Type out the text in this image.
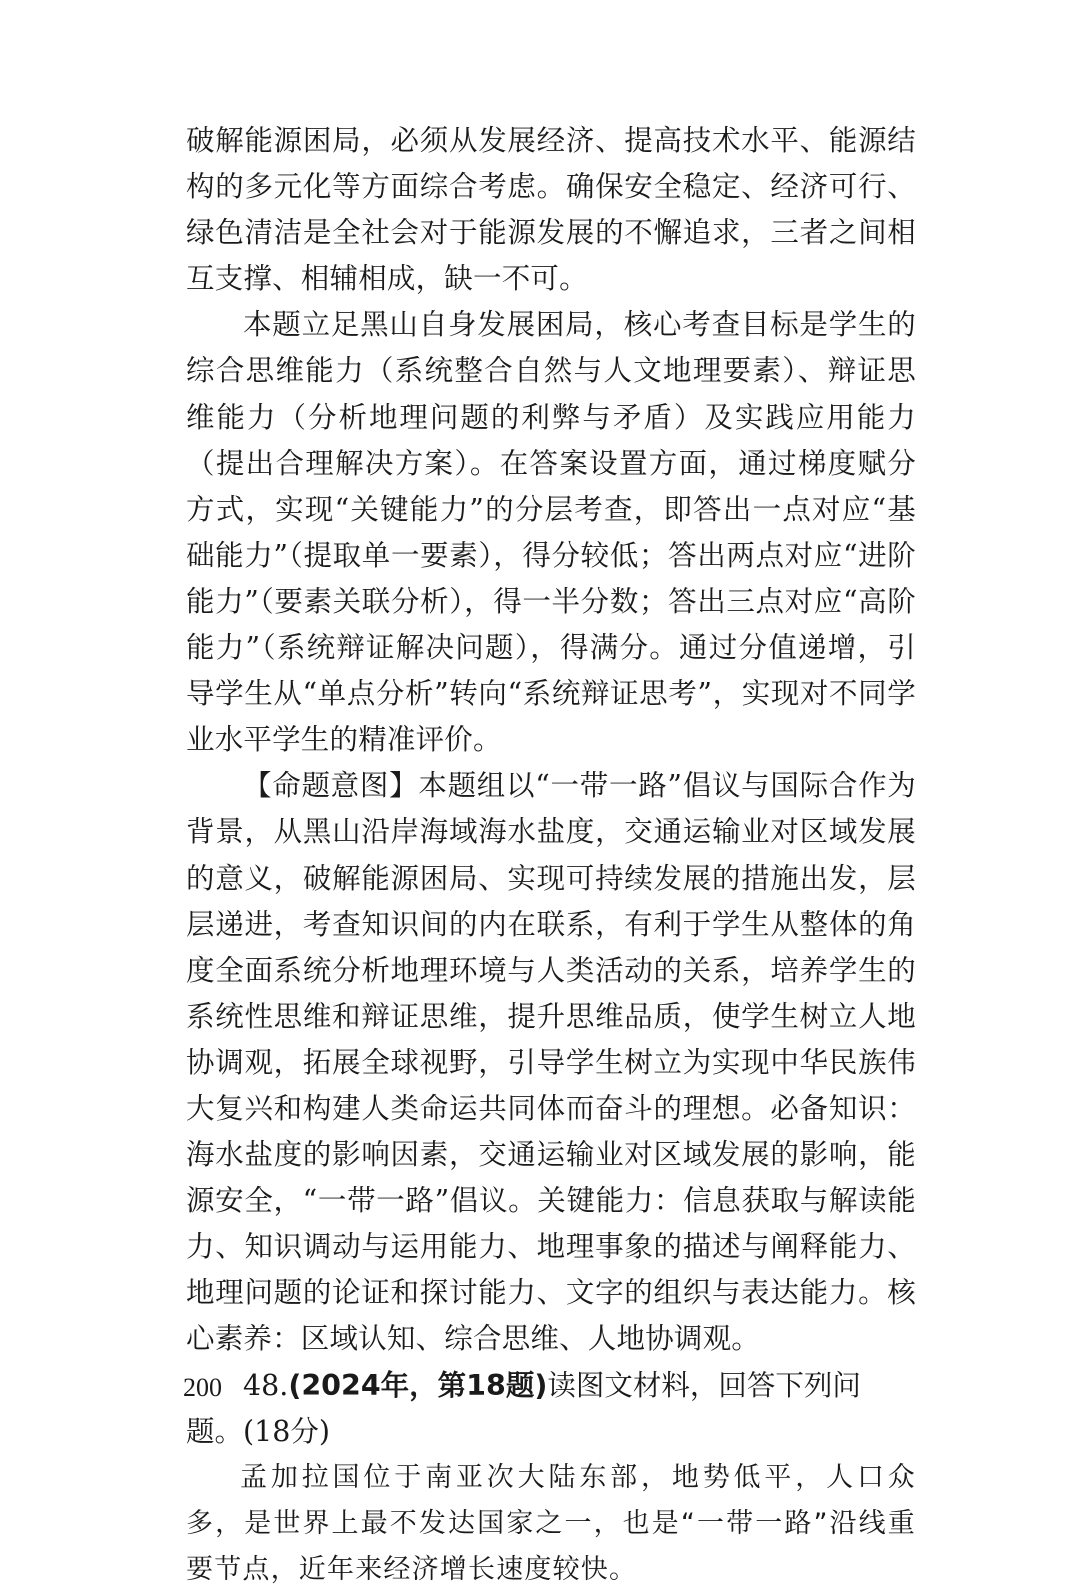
破解能源困局，必须从发展经济、提高技术水平、能源结构的多元化等方面综合考虑。确保安全稳定、经济可行、绿色清洁是全社会对于能源发展的不懈追求，三者之间相互支撑、相辅相成，缺一不可。

本题立足黑山自身发展困局，核心考查目标是学生的综合思维能力（系统整合自然与人文地理要素）、辩证思维能力（分析地理问题的利弊与矛盾）及实践应用能力（提出合理解决方案）。在答案设置方面，通过梯度赋分方式，实现“关键能力”的分层考查，即答出一点对应“基础能力”（提取单一要素），得分较低；答出两点对应“进阶能力”（要素关联分析），得一半分数；答出三点对应“高阶能力”（系统辩证解决问题），得满分。通过分值递增，引导学生从“单点分析”转向“系统辩证思考”，实现对不同学业水平学生的精准评价。

【命题意图】本题组以“一带一路”倡议与国际合作为背景，从黑山沿岸海域海水盐度，交通运输业对区域发展的意义，破解能源困局、实现可持续发展的措施出发，层层递进，考查知识间的内在联系，有利于学生从整体的角度全面系统分析地理环境与人类活动的关系，培养学生的系统性思维和辩证思维，提升思维品质，使学生树立人地协调观，拓展全球视野，引导学生树立为实现中华民族伟大复兴和构建人类命运共同体而奋斗的理想。必备知识：海水盐度的影响因素，交通运输业对区域发展的影响，能源安全，“一带一路”倡议。关键能力：信息获取与解读能力、知识调动与运用能力、地理事象的描述与阐释能力、地理问题的论证和探讨能力、文字的组织与表达能力。核心素养：区域认知、综合思维、人地协调观。

48.(2024年，第18题)读图文材料，回答下列问题。(18分)

孟加拉国位于南亚次大陆东部，地势低平，人口众多，是世界上最不发达国家之一，也是“一带一路”沿线重要节点，近年来经济增长速度较快。

200
